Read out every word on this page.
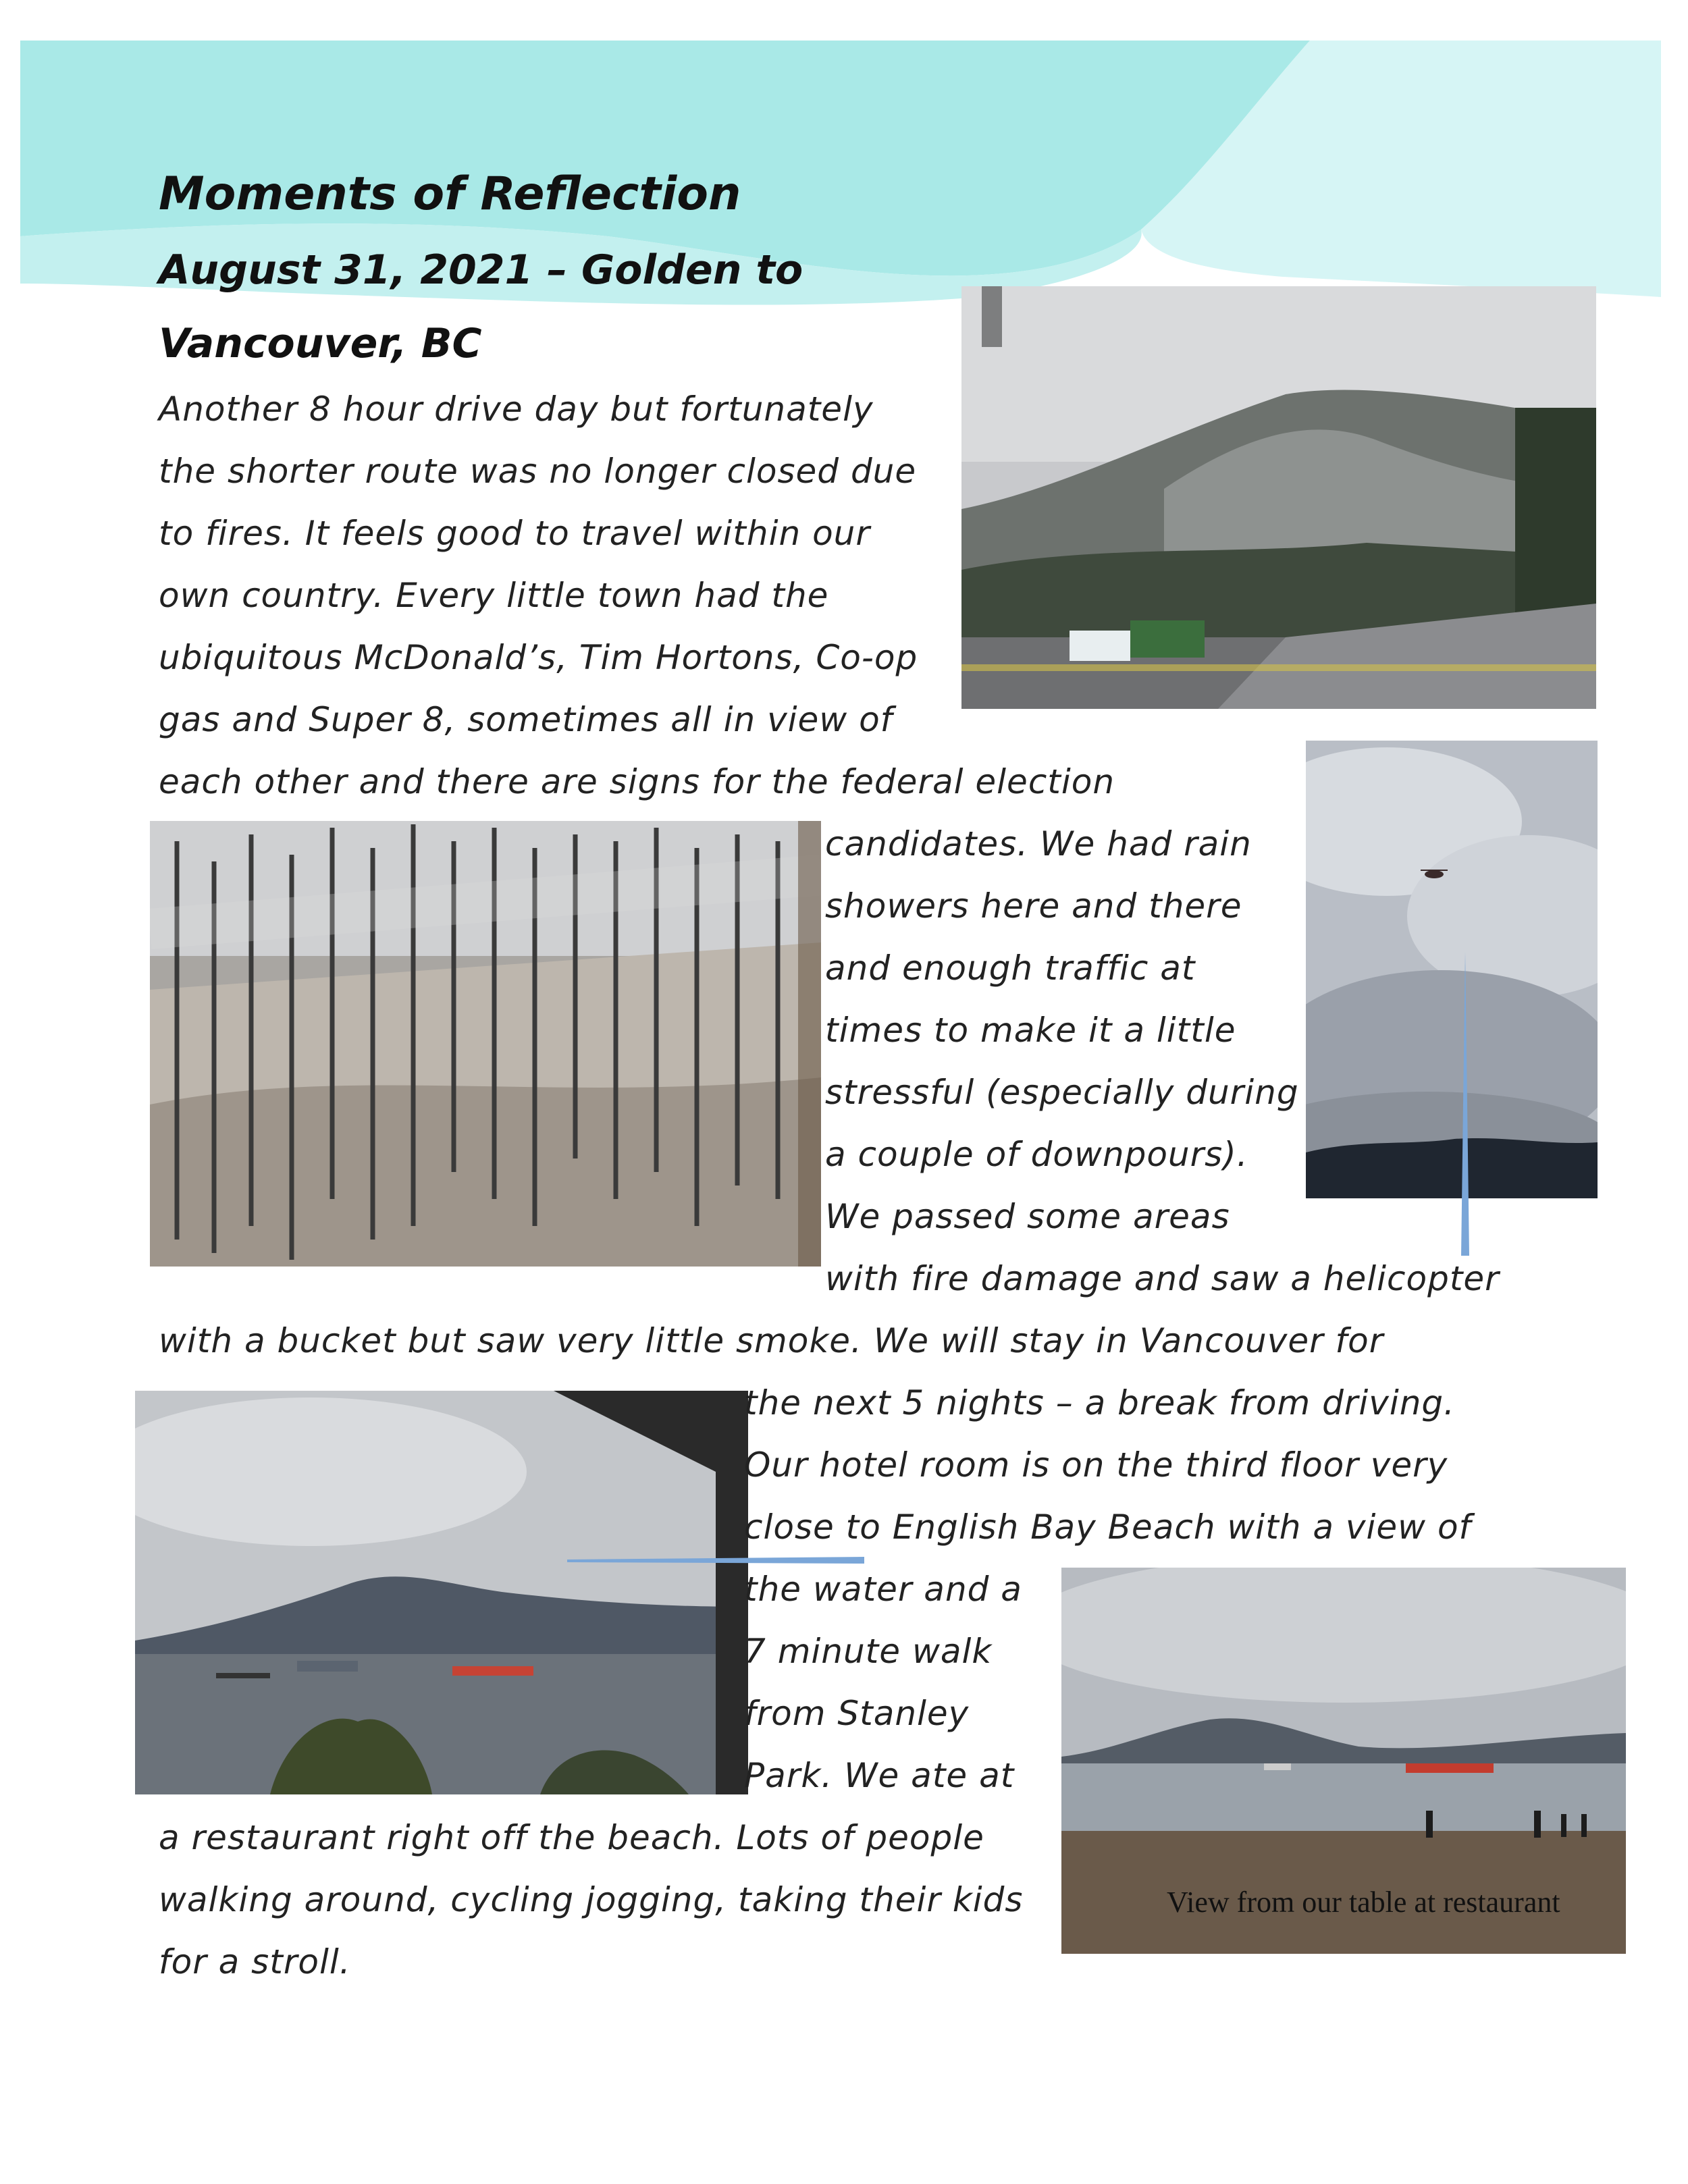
Moments of Reflection
August 31, 2021 – Golden to
Vancouver, BC
View from our table at restaurant
Another 8 hour drive day but fortunately
the shorter route was no longer closed due
to fires. It feels good to travel within our
own country. Every little town had the
ubiquitous McDonald’s, Tim Hortons, Co-op
gas and Super 8, sometimes all in view of
each other and there are signs for the federal election
candidates. We had rain
showers here and there
and enough traffic at
times to make it a little
stressful (especially during
a couple of downpours).
We passed some areas
with fire damage and saw a helicopter
with a bucket but saw very little smoke. We will stay in Vancouver for
the next 5 nights – a break from driving.
Our hotel room is on the third floor very
close to English Bay Beach with a view of
the water and a
7 minute walk
from Stanley
Park. We ate at
a restaurant right off the beach. Lots of people
walking around, cycling jogging, taking their kids
for a stroll.
